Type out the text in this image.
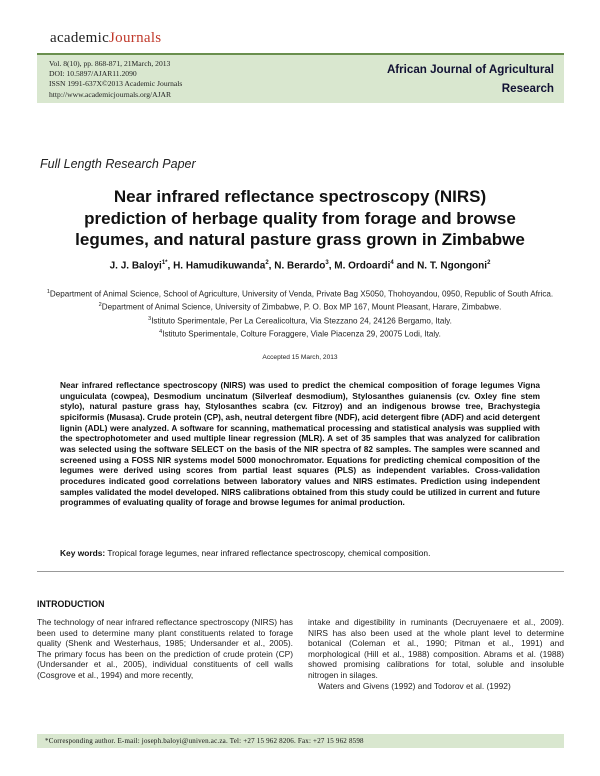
academicJournals
Vol. 8(10), pp. 868-871, 21March, 2013
DOI: 10.5897/AJAR11.2090
ISSN 1991-637X©2013 Academic Journals
http://www.academicjournals.org/AJAR
African Journal of Agricultural
Research
Full Length Research Paper
Near infrared reflectance spectroscopy (NIRS)
prediction of herbage quality from forage and browse
legumes, and natural pasture grass grown in Zimbabwe
J. J. Baloyi$^{1*}$, H. Hamudikuwanda$^2$, N. Berardo$^3$, M. Ordoardi$^4$ and N. T. Ngongoni$^2$
$^1$Department of Animal Science, School of Agriculture, University of Venda, Private Bag X5050, Thohoyandou, 0950, Republic of South Africa.
$^2$Department of Animal Science, University of Zimbabwe, P. O. Box MP 167, Mount Pleasant, Harare, Zimbabwe.
$^3$Istituto Sperimentale, Per La Cerealicoltura, Via Stezzano 24, 24126 Bergamo, Italy.
$^4$Istituto Sperimentale, Colture Foraggere, Viale Piacenza 29, 20075 Lodi, Italy.
Accepted 15 March, 2013
Near infrared reflectance spectroscopy (NIRS) was used to predict the chemical composition of forage legumes Vigna unguiculata (cowpea), Desmodium uncinatum (Silverleaf desmodium), Stylosanthes guianensis (cv. Oxley fine stem stylo), natural pasture grass hay, Stylosanthes scabra (cv. Fitzroy) and an indigenous browse tree, Brachystegia spiciformis (Musasa). Crude protein (CP), ash, neutral detergent fibre (NDF), acid detergent fibre (ADF) and acid detergent lignin (ADL) were analyzed. A software for scanning, mathematical processing and statistical analysis was supplied with the spectrophotometer and used multiple linear regression (MLR). A set of 35 samples that was analyzed for calibration was selected using the software SELECT on the basis of the NIR spectra of 82 samples. The samples were scanned and screened using a FOSS NIR systems model 5000 monochromator. Equations for predicting chemical composition of the legumes were derived using scores from partial least squares (PLS) as independent variables. Cross-validation procedures indicated good correlations between laboratory values and NIRS estimates. Prediction using independent samples validated the model developed. NIRS calibrations obtained from this study could be utilized in current and future programmes of evaluating quality of forage and browse legumes for animal production.
Key words: Tropical forage legumes, near infrared reflectance spectroscopy, chemical composition.
INTRODUCTION

The technology of near infrared reflectance spectroscopy (NIRS) has been used to determine many plant constituents related to forage quality (Shenk and Westerhaus, 1985; Undersander et al., 2005). The primary focus has been on the prediction of crude protein (CP) (Undersander et al., 2005), individual constituents of cell walls (Cosgrove et al., 1994) and more recently,

intake and digestibility in ruminants (Decruyenaere et al., 2009). NIRS has also been used at the whole plant level to determine botanical (Coleman et al., 1990; Pitman et al., 1991) and morphological (Hill et al., 1988) composition. Abrams et al. (1988) showed promising calibrations for total, soluble and insoluble nitrogen in silages.

Waters and Givens (1992) and Todorov et al. (1992)

*Corresponding author. E-mail: joseph.baloyi@univen.ac.za. Tel: +27 15 962 8206. Fax: +27 15 962 8598
